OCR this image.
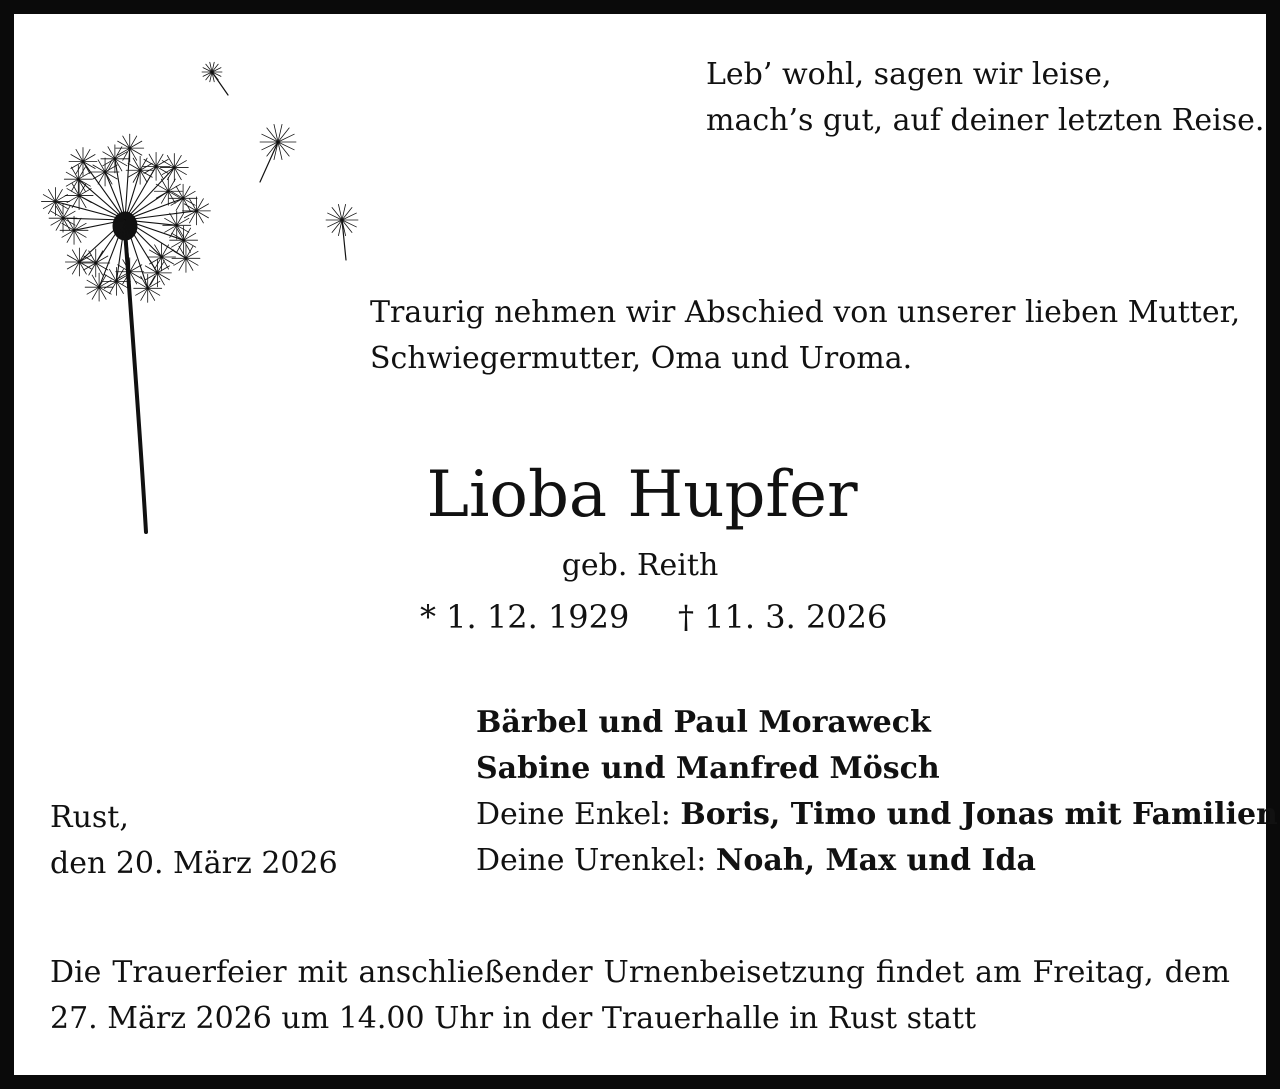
Leb’ wohl, sagen wir leise,
mach’s gut, auf deiner letzten Reise.
Traurig nehmen wir Abschied von unserer lieben Mutter,
Schwiegermutter, Oma und Uroma.
Lioba Hupfer
geb. Reith
* 1. 12. 1929 † 11. 3. 2026
Rust,
den 20. März 2026
Bärbel und Paul Moraweck
Sabine und Manfred Mösch
Deine Enkel: Boris, Timo und Jonas mit Familien
Deine Urenkel: Noah, Max und Ida
Die Trauerfeier mit anschließender Urnenbeisetzung findet am Freitag, dem
27. März 2026 um 14.00 Uhr in der Trauerhalle in Rust statt
